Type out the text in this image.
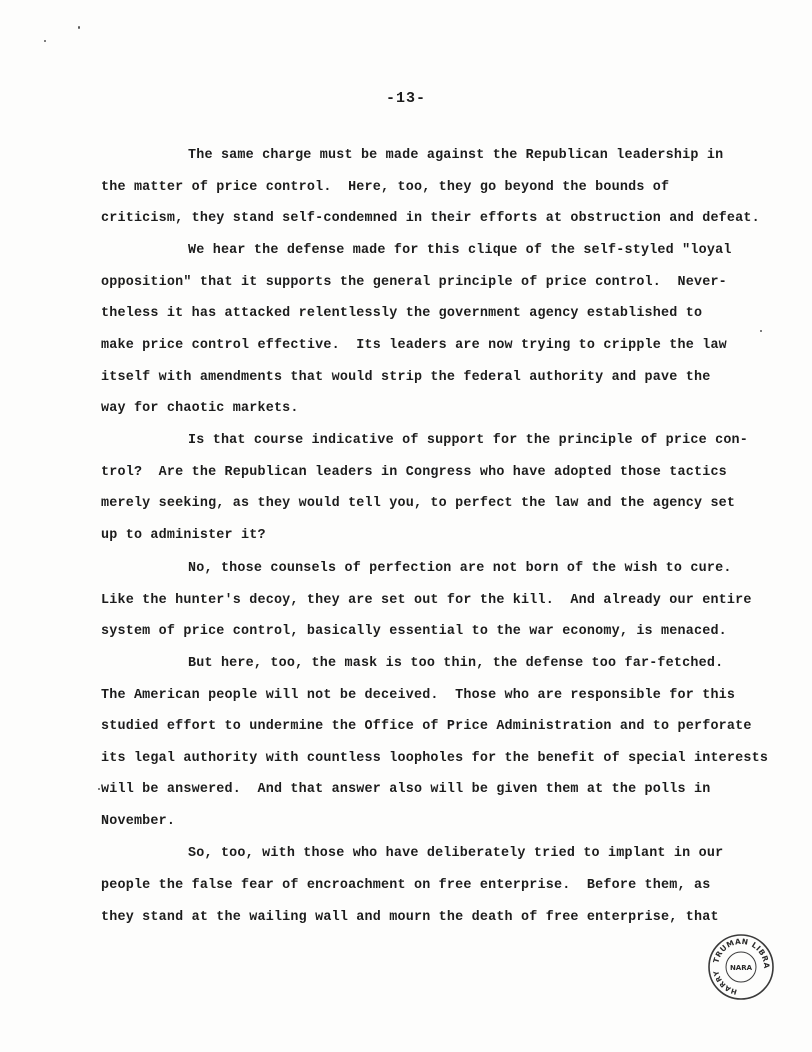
-13-
The same charge must be made against the Republican leadership in
the matter of price control.  Here, too, they go beyond the bounds of
criticism, they stand self-condemned in their efforts at obstruction and defeat.
We hear the defense made for this clique of the self-styled "loyal
opposition" that it supports the general principle of price control.  Never-
theless it has attacked relentlessly the government agency established to
make price control effective.  Its leaders are now trying to cripple the law
itself with amendments that would strip the federal authority and pave the
way for chaotic markets.
Is that course indicative of support for the principle of price con-
trol?  Are the Republican leaders in Congress who have adopted those tactics
merely seeking, as they would tell you, to perfect the law and the agency set
up to administer it?
No, those counsels of perfection are not born of the wish to cure.
Like the hunter's decoy, they are set out for the kill.  And already our entire
system of price control, basically essential to the war economy, is menaced.
But here, too, the mask is too thin, the defense too far-fetched.
The American people will not be deceived.  Those who are responsible for this
studied effort to undermine the Office of Price Administration and to perforate
its legal authority with countless loopholes for the benefit of special interests
will be answered.  And that answer also will be given them at the polls in
November.
So, too, with those who have deliberately tried to implant in our
people the false fear of encroachment on free enterprise.  Before them, as
they stand at the wailing wall and mourn the death of free enterprise, that
TRUMAN LIBRA
HARRY
NARA
